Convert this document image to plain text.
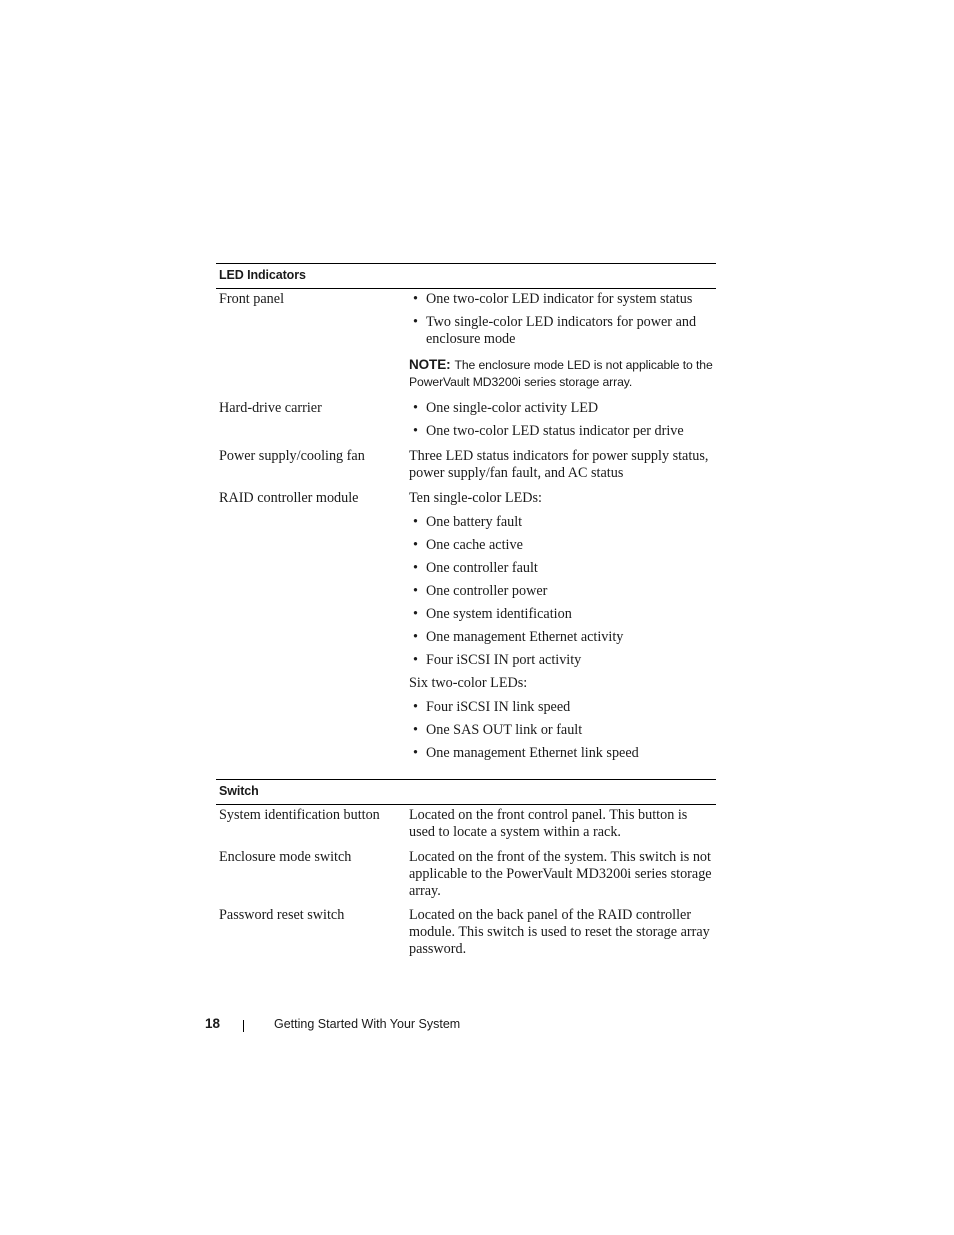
LED Indicators
Front panel	• One two-color LED indicator for system status
• Two single-color LED indicators for power and enclosure mode
NOTE: The enclosure mode LED is not applicable to the PowerVault MD3200i series storage array.
Hard-drive carrier	• One single-color activity LED
• One two-color LED status indicator per drive
Power supply/cooling fan	Three LED status indicators for power supply status, power supply/fan fault, and AC status

RAID controller module	Ten single-color LEDs:

• One battery fault
• One cache active
• One controller fault
• One controller power
• One system identification
• One management Ethernet activity
• Four iSCSI IN port activity

Six two-color LEDs:

• Four iSCSI IN link speed
• One SAS OUT link or fault
• One management Ethernet link speed
Switch
System identification button	Located on the front control panel. This button is used to locate a system within a rack.

Enclosure mode switch	Located on the front of the system. This switch is not applicable to the PowerVault MD3200i series storage array.

Password reset switch	Located on the back panel of the RAID controller module. This switch is used to reset the storage array password.

18	Getting Started With Your System
